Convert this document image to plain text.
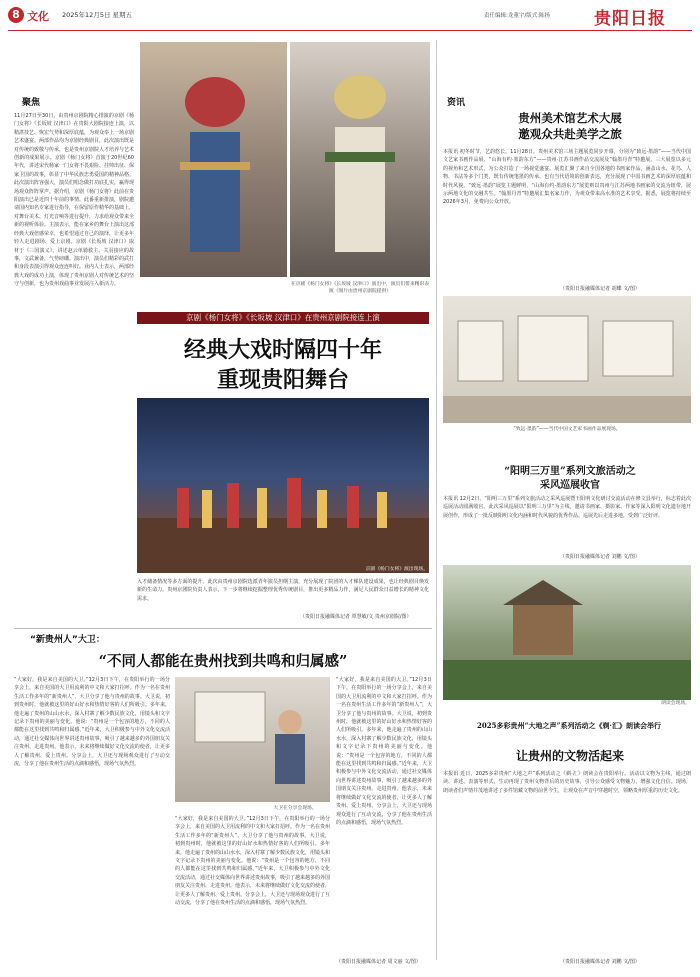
8 文化 2025年12月5日 星期五	责任编辑:龙董宇/版式:陈扬	贵阳日报
聚焦
11月27日至30日，由贵州京剧院精心排演的京剧《杨门女将》《长坂坡 汉津口》在贵阳大剧院接连上演，以精湛技艺、恢宏气势和深厚底蕴，为观众奉上一场京剧艺术盛宴。两部作品均为京剧经典剧目，此次演出既是对传统的致敬与传承，也是贵州京剧院人才培养与艺术创新的成果展示。京剧《杨门女将》首演于20世纪60年代，讲述宋代杨家一门女将不畏艰险、挂帅出征、保家卫国的故事，彰显了中华民族忠勇爱国的精神品格。此次演出阵容强大，演员们唱念做打功底扎实，赢得现场观众阵阵掌声。据介绍，京剧《杨门女将》此前在贵阳演出已是近四十年前的事情。此番重新排演，剧院邀请国内知名专家进行指导，在保留原作精华的基础上，对舞台美术、灯光音响等进行提升，力求给观众带来全新的视听体验。主演表示，能在家乡的舞台上演出这部经典大戏倍感荣幸，也希望通过自己的演绎，让更多年轻人走进剧场、爱上京剧。京剧《长坂坡 汉津口》取材于《三国演义》，讲述赵云单骑救主、关羽接应的故事，文武兼备，气势磅礴。演出中，演员们精彩的武打和身段表演引得观众连连叫好。业内人士表示，两部经典大戏的成功上演，体现了贵州京剧人对传统艺术的坚守与创新，也为贵州戏曲事业发展注入新活力。	在京剧《杨门女将》《长坂坡 汉津口》演出中，演员们带来精彩表演（图片由贵州京剧院提供）
京剧《杨门女将》《长坂坡 汉津口》在贵州京剧院接连上演
经典大戏时隔四十年
重现贵阳舞台
京剧《杨门女将》演出现场。
入才储备情况等多方面的提升。此次由贵州京剧院选派青年演员担纲主演，充分展现了院团的人才梯队建设成果，也让经典剧目焕发新的生命力。贵州京剧院负责人表示，下一步将继续挖掘整理优秀传统剧目，推出更多精品力作，满足人民群众日益增长的精神文化需求。
（贵阳日报融媒体记者 覃慧敏/文 贵州京剧院/图）
资讯
贵州美术馆艺术大展
邀观众共赴美学之旅
本报讯 初冬时节，艺韵悠长。11月28日，贵州美术馆三场主题展览同步开幕，分别为“致远·墨韵”——当代中国文艺家书画作品展、“山海有约·墨韵东方”——贵州·江苏书画作品交流展及“翰墨丹青”特邀展。三大展览以多元的视角和艺术形式，为公众打造了一场视觉盛宴。展览汇聚了来自全国各地的书画家作品，涵盖山水、花鸟、人物、书法等多个门类，既有传统笔墨的传承，也有当代语境的创新表达，充分展现了中国书画艺术的深厚底蕴和时代风貌。“致远·墨韵”展览主题鲜明，“山海有约·墨韵东方”展览则以贵州与江苏两地书画家的交流为纽带，展示两地文化的交融共生。“翰墨丹青”特邀展汇集名家力作，为观众带来高水准的艺术享受。据悉，展览将持续至2026年3月，免费向公众开放。
（贵阳日报融媒体记者 胡蝶 文/图）
“致远·墨韵”——当代中国文艺家书画作品展现场。
“阳明三万里”系列文旅活动之
采风巡展收官
本报讯 12月2日，“阳明三万里”系列文旅活动之采风巡展暨王阳明文化研讨交流活动在修文县举行，标志着此次巡展活动圆满收官。此次采风巡展以“阳明三万里”为主线，邀请书画家、摄影家、作家等深入阳明文化遗存地开展创作，形成了一批反映阳明文化内涵和时代风貌的优秀作品。巡展先后走进多地，受到广泛好评。
（贵阳日报融媒体记者 刘鹏 文/图）
朗读会现场。
2025多彩贵州“大地之声”系列活动之《剃·汇》朗读会举行
让贵州的文物活起来
本报讯 近日，2025多彩贵州“大地之声”系列活动之《剃·汇》朗读会在贵阳举行。活动以文物为主线，通过朗读、讲述、表演等形式，生动再现了贵州文物背后的历史故事，引导公众感受文物魅力，增强文化自信。现场，朗读者们声情并茂地讲述了多件馆藏文物的前世今生，让观众在声音中穿越时空，领略贵州厚重的历史文化。
（贵阳日报融媒体记者 刘鹏 文/图）
“新贵州人”大卫：
“不同人都能在贵州找到共鸣和归属感”
大卫在分享会现场。
“大家好，我是来自美国的大卫。”12月3日下午，在贵阳举行的一场分享会上，来自美国的大卫用流利的中文和大家打招呼。作为一名在贵州生活工作多年的“新贵州人”，大卫分享了他与贵州的故事。大卫说，初到贵州时，他就被这里的好山好水和热情好客的人们所吸引。多年来，他走遍了贵州的山山水水，深入村寨了解少数民族文化，用镜头和文字记录下贵州的美丽与变化。他说：“贵州是一个包容的地方，不同的人都能在这里找到共鸣和归属感。”近年来，大卫积极参与中外文化交流活动，通过社交媒体向世界讲述贵州故事，吸引了越来越多的外国朋友关注贵州、走进贵州。他表示，未来将继续做好文化交流的使者，让更多人了解贵州、爱上贵州。分享会上，大卫还与现场观众进行了互动交流，分享了他在贵州生活的点滴和感悟，现场气氛热烈。
“大家好，我是来自美国的大卫。”12月3日下午，在贵阳举行的一场分享会上，来自美国的大卫用流利的中文和大家打招呼。作为一名在贵州生活工作多年的“新贵州人”，大卫分享了他与贵州的故事。大卫说，初到贵州时，他就被这里的好山好水和热情好客的人们所吸引。多年来，他走遍了贵州的山山水水，深入村寨了解少数民族文化，用镜头和文字记录下贵州的美丽与变化。他说：“贵州是一个包容的地方，不同的人都能在这里找到共鸣和归属感。”近年来，大卫积极参与中外文化交流活动，通过社交媒体向世界讲述贵州故事，吸引了越来越多的外国朋友关注贵州、走进贵州。他表示，未来将继续做好文化交流的使者，让更多人了解贵州、爱上贵州。分享会上，大卫还与现场观众进行了互动交流，分享了他在贵州生活的点滴和感悟，现场气氛热烈。
“大家好，我是来自美国的大卫。”12月3日下午，在贵阳举行的一场分享会上，来自美国的大卫用流利的中文和大家打招呼。作为一名在贵州生活工作多年的“新贵州人”，大卫分享了他与贵州的故事。大卫说，初到贵州时，他就被这里的好山好水和热情好客的人们所吸引。多年来，他走遍了贵州的山山水水，深入村寨了解少数民族文化，用镜头和文字记录下贵州的美丽与变化。他说：“贵州是一个包容的地方，不同的人都能在这里找到共鸣和归属感。”近年来，大卫积极参与中外文化交流活动，通过社交媒体向世界讲述贵州故事，吸引了越来越多的外国朋友关注贵州、走进贵州。他表示，未来将继续做好文化交流的使者，让更多人了解贵州、爱上贵州。分享会上，大卫还与现场观众进行了互动交流，分享了他在贵州生活的点滴和感悟，现场气氛热烈。
（贵阳日报融媒体记者 周文丽 文/图）
